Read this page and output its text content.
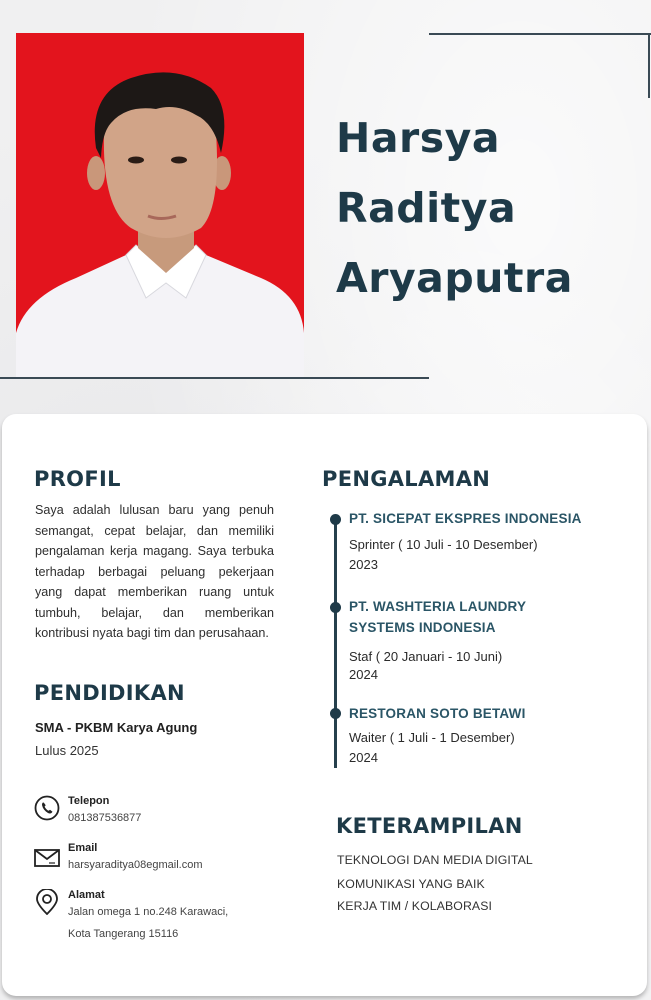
Harsya
Raditya
Aryaputra
PROFIL
Saya adalah lulusan baru yang penuh semangat, cepat belajar, dan memiliki pengalaman kerja magang. Saya terbuka terhadap berbagai peluang pekerjaan yang dapat memberikan ruang untuk tumbuh, belajar, dan memberikan kontribusi nyata bagi tim dan perusahaan.
PENDIDIKAN
SMA - PKBM Karya Agung
Lulus 2025
Telepon
081387536877
Email
harsyaraditya08egmail.com
Alamat
Jalan omega 1 no.248 Karawaci,
Kota Tangerang 15116
PENGALAMAN
PT. SICEPAT EKSPRES INDONESIA
Sprinter ( 10 Juli - 10 Desember)
2023
PT. WASHTERIA LAUNDRY
SYSTEMS INDONESIA
Staf ( 20 Januari - 10 Juni)
2024
RESTORAN SOTO BETAWI
Waiter ( 1 Juli - 1 Desember)
2024
KETERAMPILAN
TEKNOLOGI DAN MEDIA DIGITAL
KOMUNIKASI YANG BAIK
KERJA TIM / KOLABORASI
